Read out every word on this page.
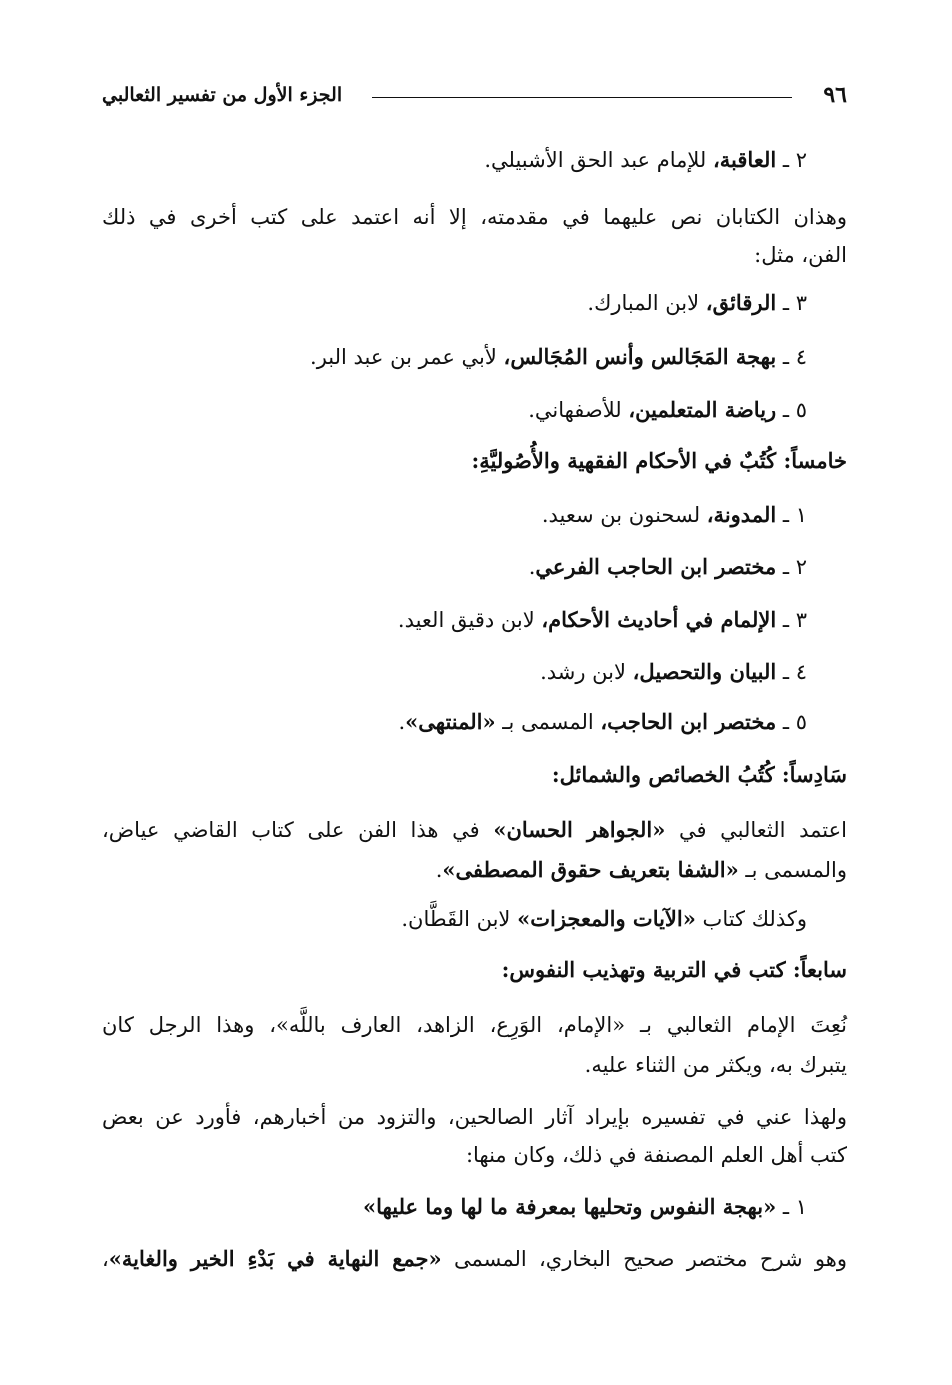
٩٦
الجزء الأول من تفسير الثعالبي
٢ ـ العاقبة، للإمام عبد الحق الأشبيلي.
وهذان الكتابان نص عليهما في مقدمته، إلا أنه اعتمد على كتب أخرى في ذلك
الفن، مثل:
٣ ـ الرقائق، لابن المبارك.
٤ ـ بهجة المَجَالس وأنس المُجَالس، لأبي عمر بن عبد البر.
٥ ـ رياضة المتعلمين، للأصفهاني.
خامساً: كُتُبٌ في الأحكام الفقهية والأُصُوليَّةِ:
١ ـ المدونة، لسحنون بن سعيد.
٢ ـ مختصر ابن الحاجب الفرعي.
٣ ـ الإلمام في أحاديث الأحكام، لابن دقيق العيد.
٤ ـ البيان والتحصيل، لابن رشد.
٥ ـ مختصر ابن الحاجب، المسمى بـ «المنتهى».
سَادِساً: كُتُبُ الخصائص والشمائل:
اعتمد الثعالبي في «الجواهر الحسان» في هذا الفن على كتاب القاضي عياض،
والمسمى بـ «الشفا بتعريف حقوق المصطفى».
وكذلك كتاب «الآيات والمعجزات» لابن القَطَّان.
سابعاً: كتب في التربية وتهذيب النفوس:
نُعِتَ الإمام الثعالبي بـ «الإمام، الوَرِع، الزاهد، العارف باللَّه»، وهذا الرجل كان
يتبرك به، ويكثر من الثناء عليه.
ولهذا عني في تفسيره بإيراد آثار الصالحين، والتزود من أخبارهم، فأورد عن بعض
كتب أهل العلم المصنفة في ذلك، وكان منها:
١ ـ «بهجة النفوس وتحليها بمعرفة ما لها وما عليها»
وهو شرح مختصر صحيح البخاري، المسمى «جمع النهاية في بَدْءِ الخير والغاية»،
